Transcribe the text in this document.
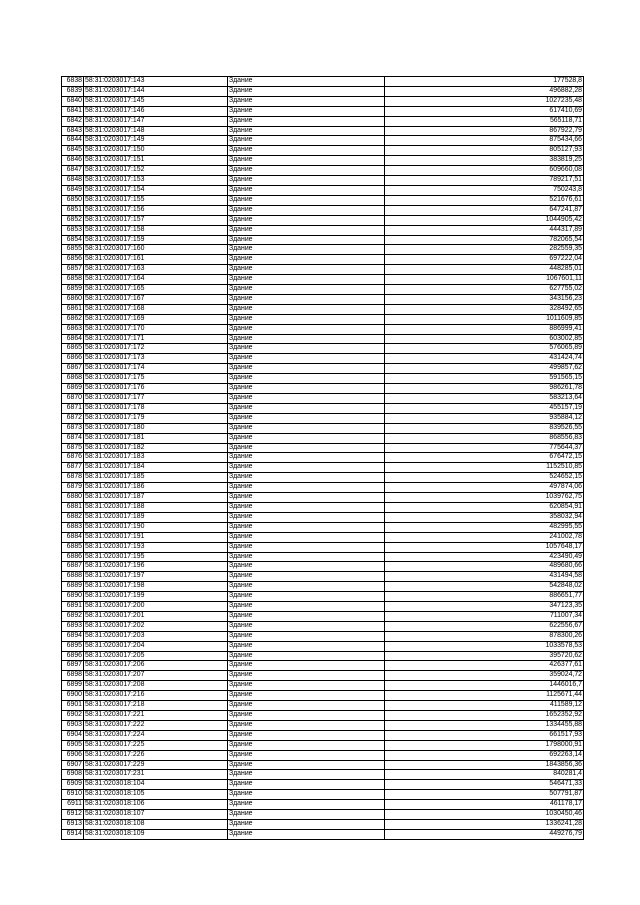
6838	58:31:0203017:143	Здание	177528,8
6839	58:31:0203017:144	Здание	496882,28
6840	58:31:0203017:145	Здание	1027235,48
6841	58:31:0203017:146	Здание	617410,69
6842	58:31:0203017:147	Здание	565118,71
6843	58:31:0203017:148	Здание	867922,79
6844	58:31:0203017:149	Здание	875434,66
6845	58:31:0203017:150	Здание	805127,93
6846	58:31:0203017:151	Здание	383819,25
6847	58:31:0203017:152	Здание	609660,08
6848	58:31:0203017:153	Здание	789217,51
6849	58:31:0203017:154	Здание	750243,8
6850	58:31:0203017:155	Здание	521676,61
6851	58:31:0203017:156	Здание	647241,87
6852	58:31:0203017:157	Здание	1044905,42
6853	58:31:0203017:158	Здание	444317,89
6854	58:31:0203017:159	Здание	782065,54
6855	58:31:0203017:160	Здание	282559,35
6856	58:31:0203017:161	Здание	697222,04
6857	58:31:0203017:163	Здание	448285,01
6858	58:31:0203017:164	Здание	1067601,11
6859	58:31:0203017:165	Здание	627755,02
6860	58:31:0203017:167	Здание	343156,23
6861	58:31:0203017:168	Здание	328492,65
6862	58:31:0203017:169	Здание	1011609,85
6863	58:31:0203017:170	Здание	886999,41
6864	58:31:0203017:171	Здание	603002,85
6865	58:31:0203017:172	Здание	576065,89
6866	58:31:0203017:173	Здание	431424,74
6867	58:31:0203017:174	Здание	499857,62
6868	58:31:0203017:175	Здание	591565,15
6869	58:31:0203017:176	Здание	986261,78
6870	58:31:0203017:177	Здание	583213,64
6871	58:31:0203017:178	Здание	455157,19
6872	58:31:0203017:179	Здание	935884,12
6873	58:31:0203017:180	Здание	839526,55
6874	58:31:0203017:181	Здание	868556,83
6875	58:31:0203017:182	Здание	775644,37
6876	58:31:0203017:183	Здание	676472,15
6877	58:31:0203017:184	Здание	1152510,85
6878	58:31:0203017:185	Здание	524652,15
6879	58:31:0203017:186	Здание	497874,06
6880	58:31:0203017:187	Здание	1039762,75
6881	58:31:0203017:188	Здание	620854,91
6882	58:31:0203017:189	Здание	358032,94
6883	58:31:0203017:190	Здание	482995,55
6884	58:31:0203017:191	Здание	241002,78
6885	58:31:0203017:193	Здание	1057648,17
6886	58:31:0203017:195	Здание	423490,49
6887	58:31:0203017:196	Здание	489680,66
6888	58:31:0203017:197	Здание	431494,58
6889	58:31:0203017:198	Здание	542848,02
6890	58:31:0203017:199	Здание	886651,77
6891	58:31:0203017:200	Здание	347123,35
6892	58:31:0203017:201	Здание	711007,34
6893	58:31:0203017:202	Здание	622556,67
6894	58:31:0203017:203	Здание	878300,26
6895	58:31:0203017:204	Здание	1033578,53
6896	58:31:0203017:205	Здание	395720,62
6897	58:31:0203017:206	Здание	426377,61
6898	58:31:0203017:207	Здание	359024,72
6899	58:31:0203017:208	Здание	1446016,7
6900	58:31:0203017:216	Здание	1125671,44
6901	58:31:0203017:218	Здание	411589,12
6902	58:31:0203017:221	Здание	1652352,92
6903	58:31:0203017:222	Здание	1334455,88
6904	58:31:0203017:224	Здание	661517,93
6905	58:31:0203017:225	Здание	1798000,91
6906	58:31:0203017:226	Здание	692263,14
6907	58:31:0203017:229	Здание	1843856,36
6908	58:31:0203017:231	Здание	840281,4
6909	58:31:0203018:104	Здание	546471,33
6910	58:31:0203018:105	Здание	507791,87
6911	58:31:0203018:106	Здание	461178,17
6912	58:31:0203018:107	Здание	1030450,46
6913	58:31:0203018:108	Здание	1336241,28
6914	58:31:0203018:109	Здание	449276,79
